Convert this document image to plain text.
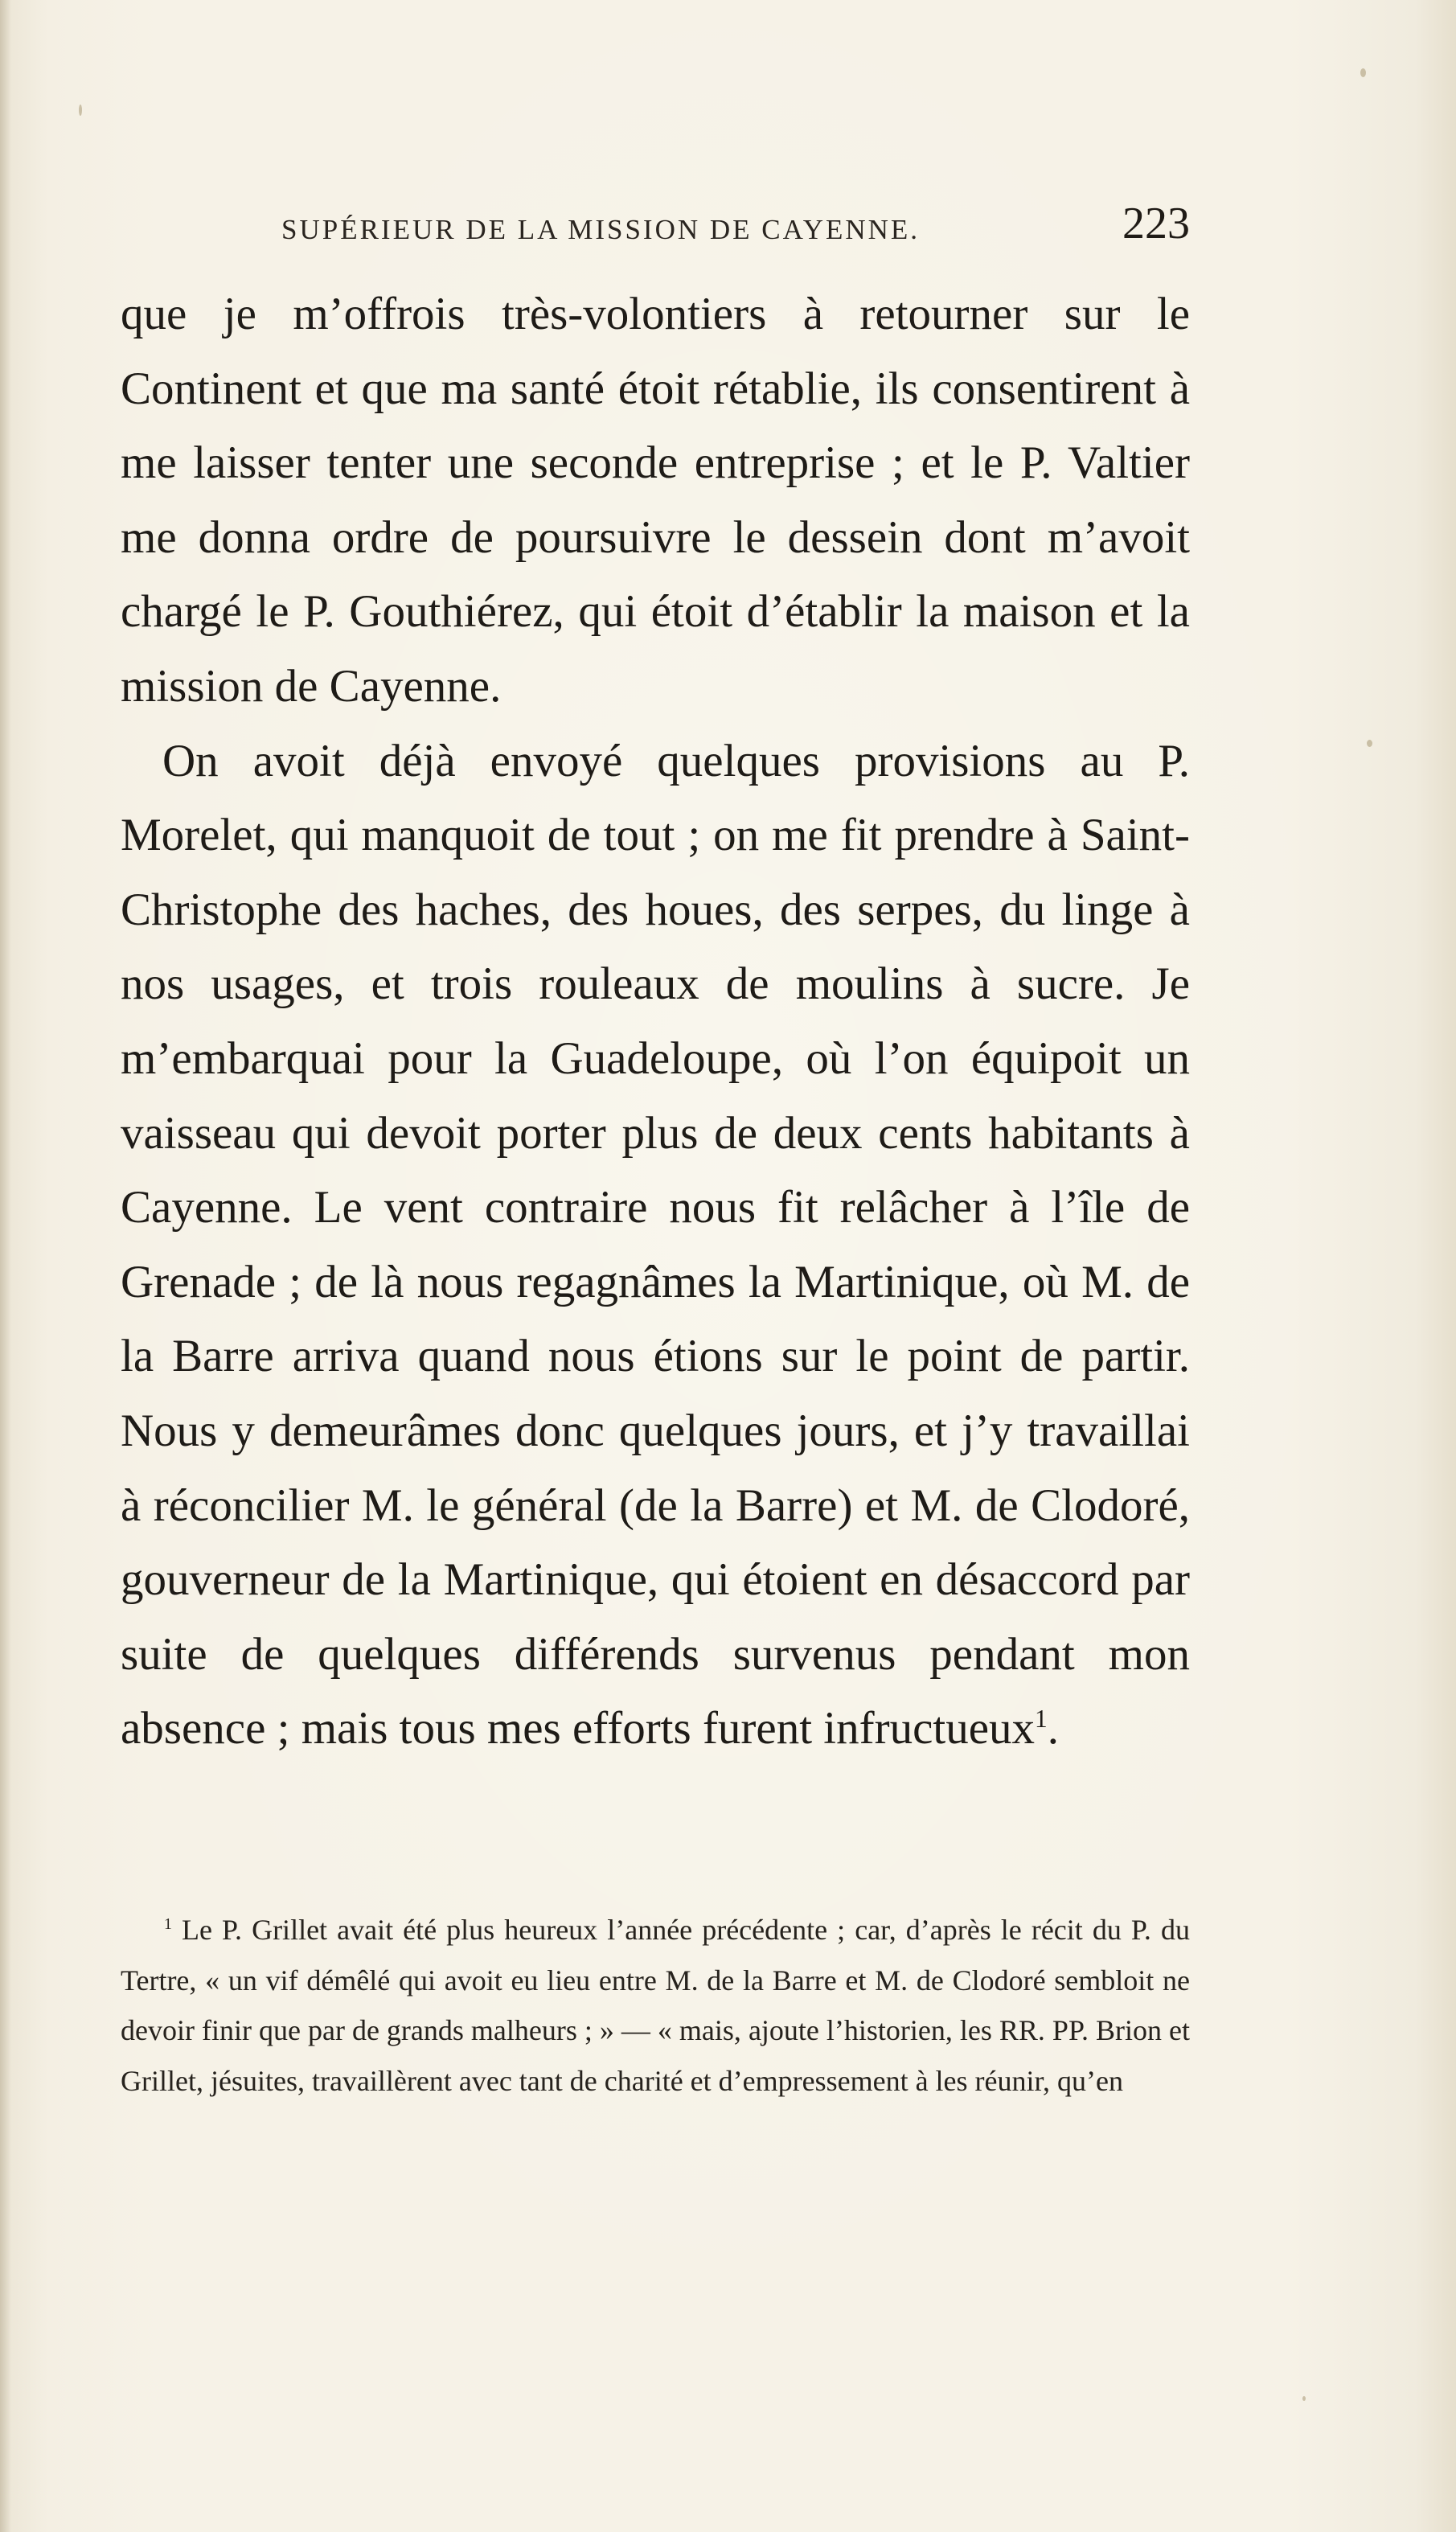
SUPÉRIEUR DE LA MISSION DE CAYENNE.	223

que je m’offrois très-volontiers à retourner sur le Continent et que ma santé étoit rétablie, ils consentirent à me laisser tenter une seconde entreprise ; et le P. Valtier me donna ordre de poursuivre le dessein dont m’avoit chargé le P. Gouthiérez, qui étoit d’établir la maison et la mission de Cayenne.

On avoit déjà envoyé quelques provisions au P. Morelet, qui manquoit de tout ; on me fit prendre à Saint-Christophe des haches, des houes, des serpes, du linge à nos usages, et trois rouleaux de moulins à sucre. Je m’embarquai pour la Guadeloupe, où l’on équipoit un vaisseau qui devoit porter plus de deux cents habitants à Cayenne. Le vent contraire nous fit relâcher à l’île de Grenade ; de là nous regagnâmes la Martinique, où M. de la Barre arriva quand nous étions sur le point de partir. Nous y demeurâmes donc quelques jours, et j’y travaillai à réconcilier M. le général (de la Barre) et M. de Clodoré, gouverneur de la Martinique, qui étoient en désaccord par suite de quelques différends survenus pendant mon absence ; mais tous mes efforts furent infructueux$^1$.

$^1$ Le P. Grillet avait été plus heureux l’année précédente ; car, d’après le récit du P. du Tertre, « un vif démêlé qui avoit eu lieu entre M. de la Barre et M. de Clodoré sembloit ne devoir finir que par de grands malheurs ; » — « mais, ajoute l’historien, les RR. PP. Brion et Grillet, jésuites, travaillèrent avec tant de charité et d’empressement à les réunir, qu’en
